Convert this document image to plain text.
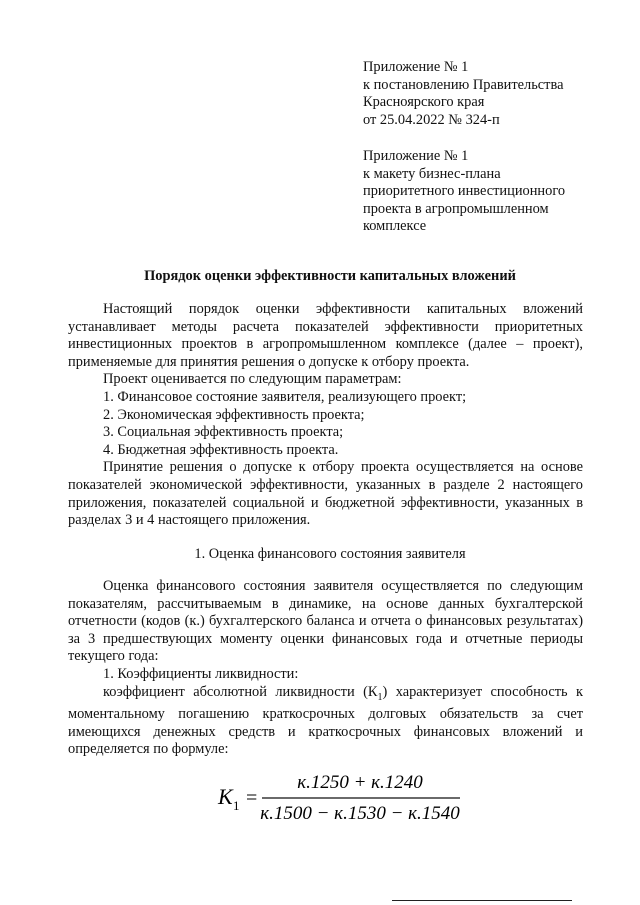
Приложение № 1
к постановлению Правительства
Красноярского края
от 25.04.2022 № 324-п
Приложение № 1
к макету бизнес-плана
приоритетного инвестиционного
проекта в агропромышленном
комплексе
Порядок оценки эффективности капитальных вложений
Настоящий порядок оценки эффективности капитальных вложений устанавливает методы расчета показателей эффективности приоритетных инвестиционных проектов в агропромышленном комплексе (далее – проект), применяемые для принятия решения о допуске к отбору проекта.
Проект оценивается по следующим параметрам:
1. Финансовое состояние заявителя, реализующего проект;
2. Экономическая эффективность проекта;
3. Социальная эффективность проекта;
4. Бюджетная эффективность проекта.
Принятие решения о допуске к отбору проекта осуществляется на основе показателей экономической эффективности, указанных в разделе 2 настоящего приложения, показателей социальной и бюджетной эффективности, указанных в разделах 3 и 4 настоящего приложения.
1. Оценка финансового состояния заявителя
Оценка финансового состояния заявителя осуществляется по следующим показателям, рассчитываемым в динамике, на основе данных бухгалтерской отчетности (кодов (к.) бухгалтерского баланса и отчета о финансовых результатах) за 3 предшествующих моменту оценки финансовых года и отчетные периоды текущего года:
1. Коэффициенты ликвидности:
коэффициент абсолютной ликвидности $(К_1)$ характеризует способность к моментальному погашению краткосрочных долговых обязательств за счет имеющихся денежных средств и краткосрочных финансовых вложений и определяется по формуле:
K 1 =
к.1250 + к.1240
к.1500 − к.1530 − к.1540
